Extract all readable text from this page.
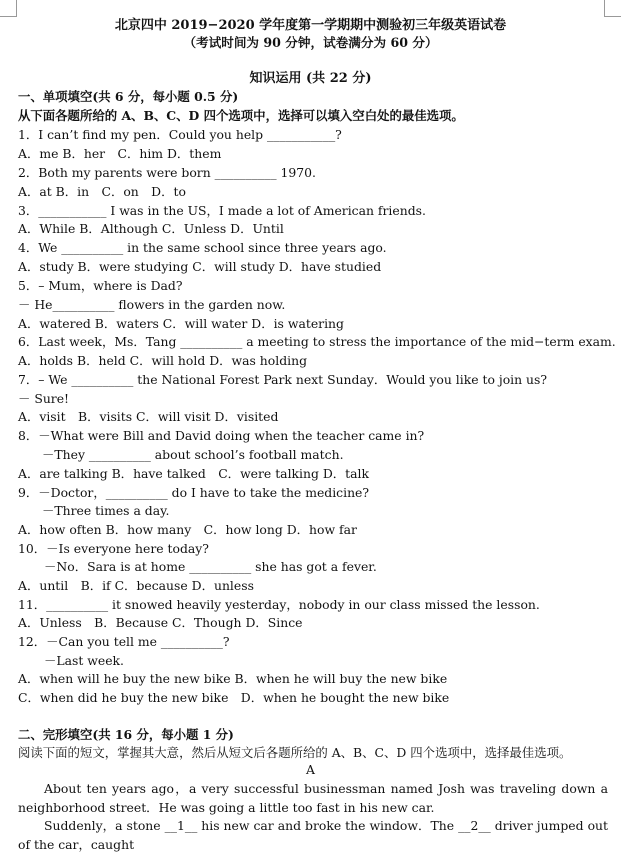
北京四中 2019−2020 学年度第一学期期中测验初三年级英语试卷
（考试时间为 90 分钟，试卷满分为 60 分）
知识运用 (共 22 分)
一、单项填空(共 6 分，每小题 0.5 分)
从下面各题所给的 A、B、C、D 四个选项中，选择可以填入空白处的最佳选项。
1．I can’t find my pen．Could you help ___________?
A．me B．her　C．him D．them
2．Both my parents were born __________ 1970.
A．at B．in　C．on　D．to
3．___________ I was in the US，I made a lot of American friends.
A．While B．Although C．Unless D．Until
4．We __________ in the same school since three years ago.
A．study B．were studying C．will study D．have studied
5．– Mum，where is Dad?
－ He__________ flowers in the garden now.
A．watered B．waters C．will water D．is watering
6．Last week，Ms．Tang __________ a meeting to stress the importance of the mid−term exam.
A．holds B．held C．will hold D．was holding
7．– We __________ the National Forest Park next Sunday．Would you like to join us?
－ Sure!
A．visit　B．visits C．will visit D．visited
8．－What were Bill and David doing when the teacher came in?
－They __________ about school’s football match.
A．are talking B．have talked　C．were talking D．talk
9．－Doctor，__________ do I have to take the medicine?
－Three times a day.
A．how often B．how many　C．how long D．how far
10．－Is everyone here today?
－No．Sara is at home __________ she has got a fever.
A．until　B．if C．because D．unless
11．__________ it snowed heavily yesterday，nobody in our class missed the lesson.
A．Unless　B．Because C．Though D．Since
12．－Can you tell me __________?
－Last week.
A．when will he buy the new bike B．when he will buy the new bike
C．when did he buy the new bike　D．when he bought the new bike
二、完形填空(共 16 分，每小题 1 分)
阅读下面的短文，掌握其大意，然后从短文后各题所给的 A、B、C、D 四个选项中，选择最佳选项。
A

About ten years ago，a very successful businessman named Josh was traveling down a neighborhood street．He was going a little too fast in his new car.

Suddenly，a stone __1__ his new car and broke the window．The __2__ driver jumped out of the car，caught
